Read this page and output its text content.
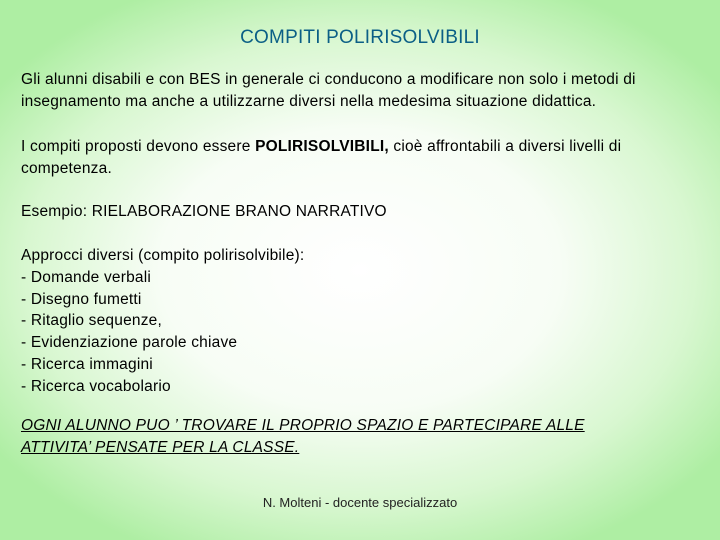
COMPITI POLIRISOLVIBILI
Gli alunni disabili e con BES in generale ci conducono a modificare non solo i metodi di
insegnamento ma anche a utilizzarne diversi nella medesima situazione didattica.
I compiti proposti devono essere POLIRISOLVIBILI, cioè affrontabili a diversi livelli di
competenza.
Esempio: RIELABORAZIONE BRANO NARRATIVO
Approcci diversi (compito polirisolvibile):
- Domande verbali
- Disegno fumetti
- Ritaglio sequenze,
- Evidenziazione parole chiave
- Ricerca immagini
- Ricerca vocabolario
OGNI ALUNNO PUO ’ TROVARE IL PROPRIO SPAZIO E PARTECIPARE ALLE
ATTIVITA’ PENSATE PER LA CLASSE.
N. Molteni - docente specializzato
